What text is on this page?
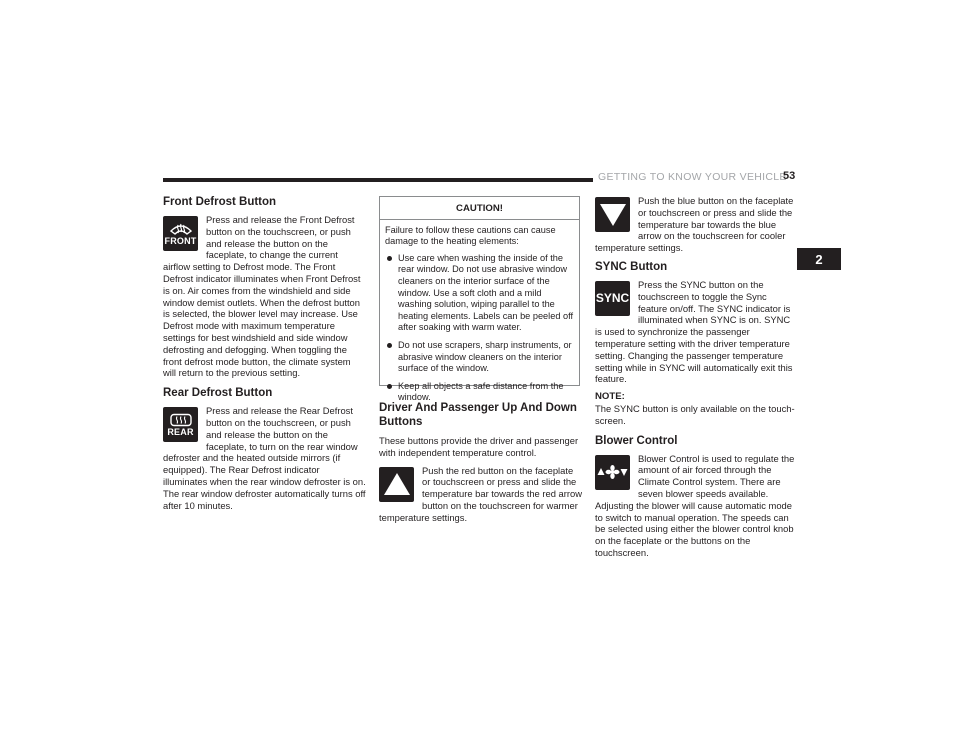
GETTING TO KNOW YOUR VEHICLE
53
2
Front Defrost Button
FRONT

Press and release the Front Defrost button on the touchscreen, or push and release the button on the faceplate, to change the current airflow setting to Defrost mode. The Front Defrost indicator illuminates when Front Defrost is on. Air comes from the windshield and side window demist outlets. When the defrost button is selected, the blower level may increase. Use Defrost mode with maximum temperature settings for best windshield and side window defrosting and defogging. When toggling the front defrost mode button, the climate system will return to the previous setting.

Rear Defrost Button
REAR

Press and release the Rear Defrost button on the touchscreen, or push and release the button on the faceplate, to turn on the rear window defroster and the heated outside mirrors (if equipped). The Rear Defrost indicator illuminates when the rear window defroster is on. The rear window defroster automatically turns off after 10 minutes.

CAUTION!

Failure to follow these cautions can cause damage to the heating elements:

Use care when washing the inside of the rear window. Do not use abrasive window cleaners on the interior surface of the window. Use a soft cloth and a mild washing solution, wiping parallel to the heating elements. Labels can be peeled off after soaking with warm water.
Do not use scrapers, sharp instruments, or abrasive window cleaners on the interior surface of the window.
Keep all objects a safe distance from the window.
Driver And Passenger Up And Down Buttons

These buttons provide the driver and passenger with independent temperature control.

Push the red button on the faceplate or touchscreen or press and slide the temperature bar towards the red arrow button on the touchscreen for warmer temperature settings.

Push the blue button on the faceplate or touchscreen or press and slide the temperature bar towards the blue arrow on the touchscreen for cooler temperature settings.

SYNC Button
SYNC

Press the SYNC button on the touchscreen to toggle the Sync feature on/off. The SYNC indicator is illuminated when SYNC is on. SYNC is used to synchronize the passenger temperature setting with the driver temperature setting. Changing the passenger temperature setting while in SYNC will automatically exit this feature.

NOTE:

The SYNC button is only available on the touch-screen.

Blower Control

Blower Control is used to regulate the amount of air forced through the Climate Control system. There are seven blower speeds available. Adjusting the blower will cause automatic mode to switch to manual operation. The speeds can be selected using either the blower control knob on the faceplate or the buttons on the touchscreen.
